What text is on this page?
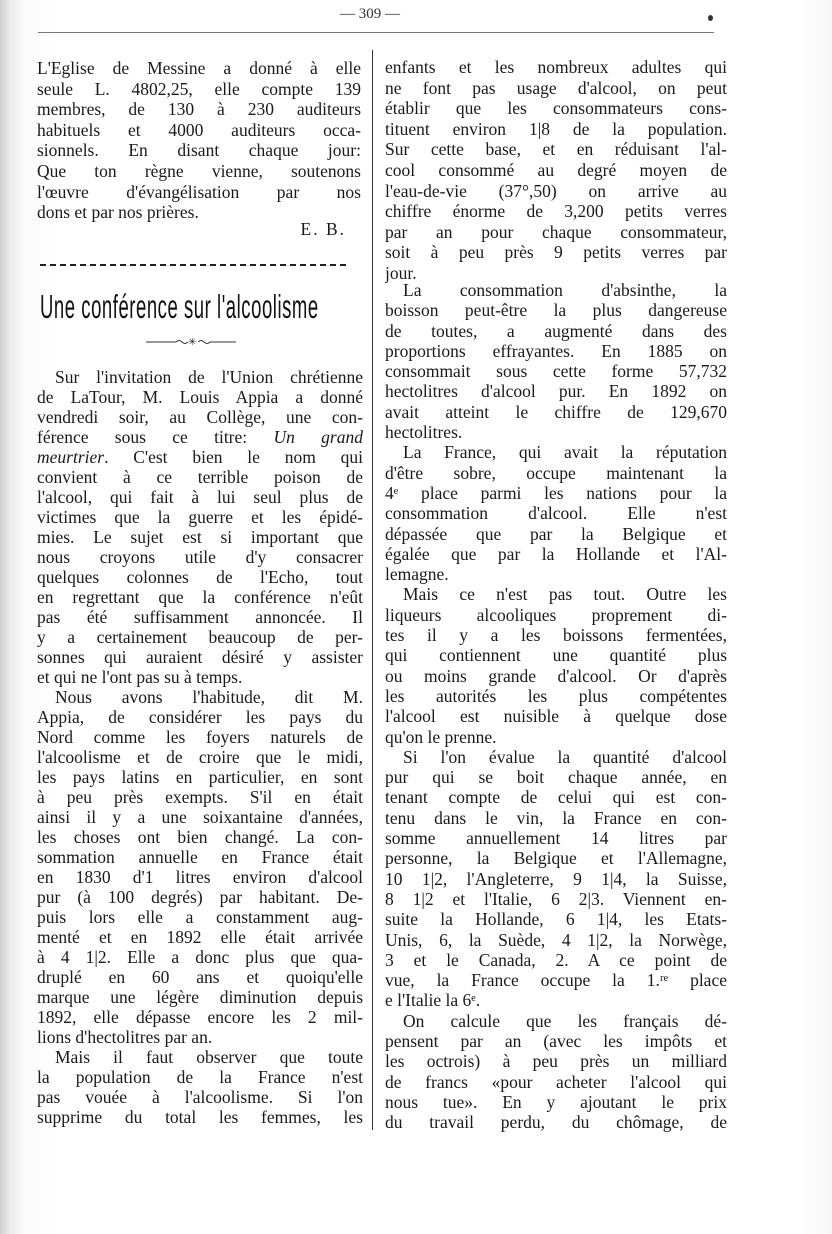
— 309 —
L'Eglise de Messine a donné à elle
seule L. 4802,25, elle compte 139
membres, de 130 à 230 auditeurs
habituels et 4000 auditeurs occa-
sionnels. En disant chaque jour:
Que ton règne vienne, soutenons
l'œuvre d'évangélisation par nos
dons et par nos prières.
E. B.
Une conférence sur l'alcoolisme
✳
Sur l'invitation de l'Union chrétienne
de LaTour, M. Louis Appia a donné
vendredi soir, au Collège, une con-
férence sous ce titre: Un grand
meurtrier. C'est bien le nom qui
convient à ce terrible poison de
l'alcool, qui fait à lui seul plus de
victimes que la guerre et les épidé-
mies. Le sujet est si important que
nous croyons utile d'y consacrer
quelques colonnes de l'Echo, tout
en regrettant que la conférence n'eût
pas été suffisamment annoncée. Il
y a certainement beaucoup de per-
sonnes qui auraient désiré y assister
et qui ne l'ont pas su à temps.
Nous avons l'habitude, dit M.
Appia, de considérer les pays du
Nord comme les foyers naturels de
l'alcoolisme et de croire que le midi,
les pays latins en particulier, en sont
à peu près exempts. S'il en était
ainsi il y a une soixantaine d'années,
les choses ont bien changé. La con-
sommation annuelle en France était
en 1830 d'1 litres environ d'alcool
pur (à 100 degrés) par habitant. De-
puis lors elle a constamment aug-
menté et en 1892 elle était arrivée
à 4 1|2. Elle a donc plus que qua-
druplé en 60 ans et quoiqu'elle
marque une légère diminution depuis
1892, elle dépasse encore les 2 mil-
lions d'hectolitres par an.
Mais il faut observer que toute
la population de la France n'est
pas vouée à l'alcoolisme. Si l'on
supprime du total les femmes, les
enfants et les nombreux adultes qui
ne font pas usage d'alcool, on peut
établir que les consommateurs cons-
tituent environ 1|8 de la population.
Sur cette base, et en réduisant l'al-
cool consommé au degré moyen de
l'eau-de-vie (37°,50) on arrive au
chiffre énorme de 3,200 petits verres
par an pour chaque consommateur,
soit à peu près 9 petits verres par
jour.
La consommation d'absinthe, la
boisson peut-être la plus dangereuse
de toutes, a augmenté dans des
proportions effrayantes. En 1885 on
consommait sous cette forme 57,732
hectolitres d'alcool pur. En 1892 on
avait atteint le chiffre de 129,670
hectolitres.
La France, qui avait la réputation
d'être sobre, occupe maintenant la
4ᵉ place parmi les nations pour la
consommation d'alcool. Elle n'est
dépassée que par la Belgique et
égalée que par la Hollande et l'Al-
lemagne.
Mais ce n'est pas tout. Outre les
liqueurs alcooliques proprement di-
tes il y a les boissons fermentées,
qui contiennent une quantité plus
ou moins grande d'alcool. Or d'après
les autorités les plus compétentes
l'alcool est nuisible à quelque dose
qu'on le prenne.
Si l'on évalue la quantité d'alcool
pur qui se boit chaque année, en
tenant compte de celui qui est con-
tenu dans le vin, la France en con-
somme annuellement 14 litres par
personne, la Belgique et l'Allemagne,
10 1|2, l'Angleterre, 9 1|4, la Suisse,
8 1|2 et l'Italie, 6 2|3. Viennent en-
suite la Hollande, 6 1|4, les Etats-
Unis, 6, la Suède, 4 1|2, la Norwège,
3 et le Canada, 2. A ce point de
vue, la France occupe la 1.ʳᵉ place
e l'Italie la 6ᵉ.
On calcule que les français dé-
pensent par an (avec les impôts et
les octrois) à peu près un milliard
de francs «pour acheter l'alcool qui
nous tue». En y ajoutant le prix
du travail perdu, du chômage, de
